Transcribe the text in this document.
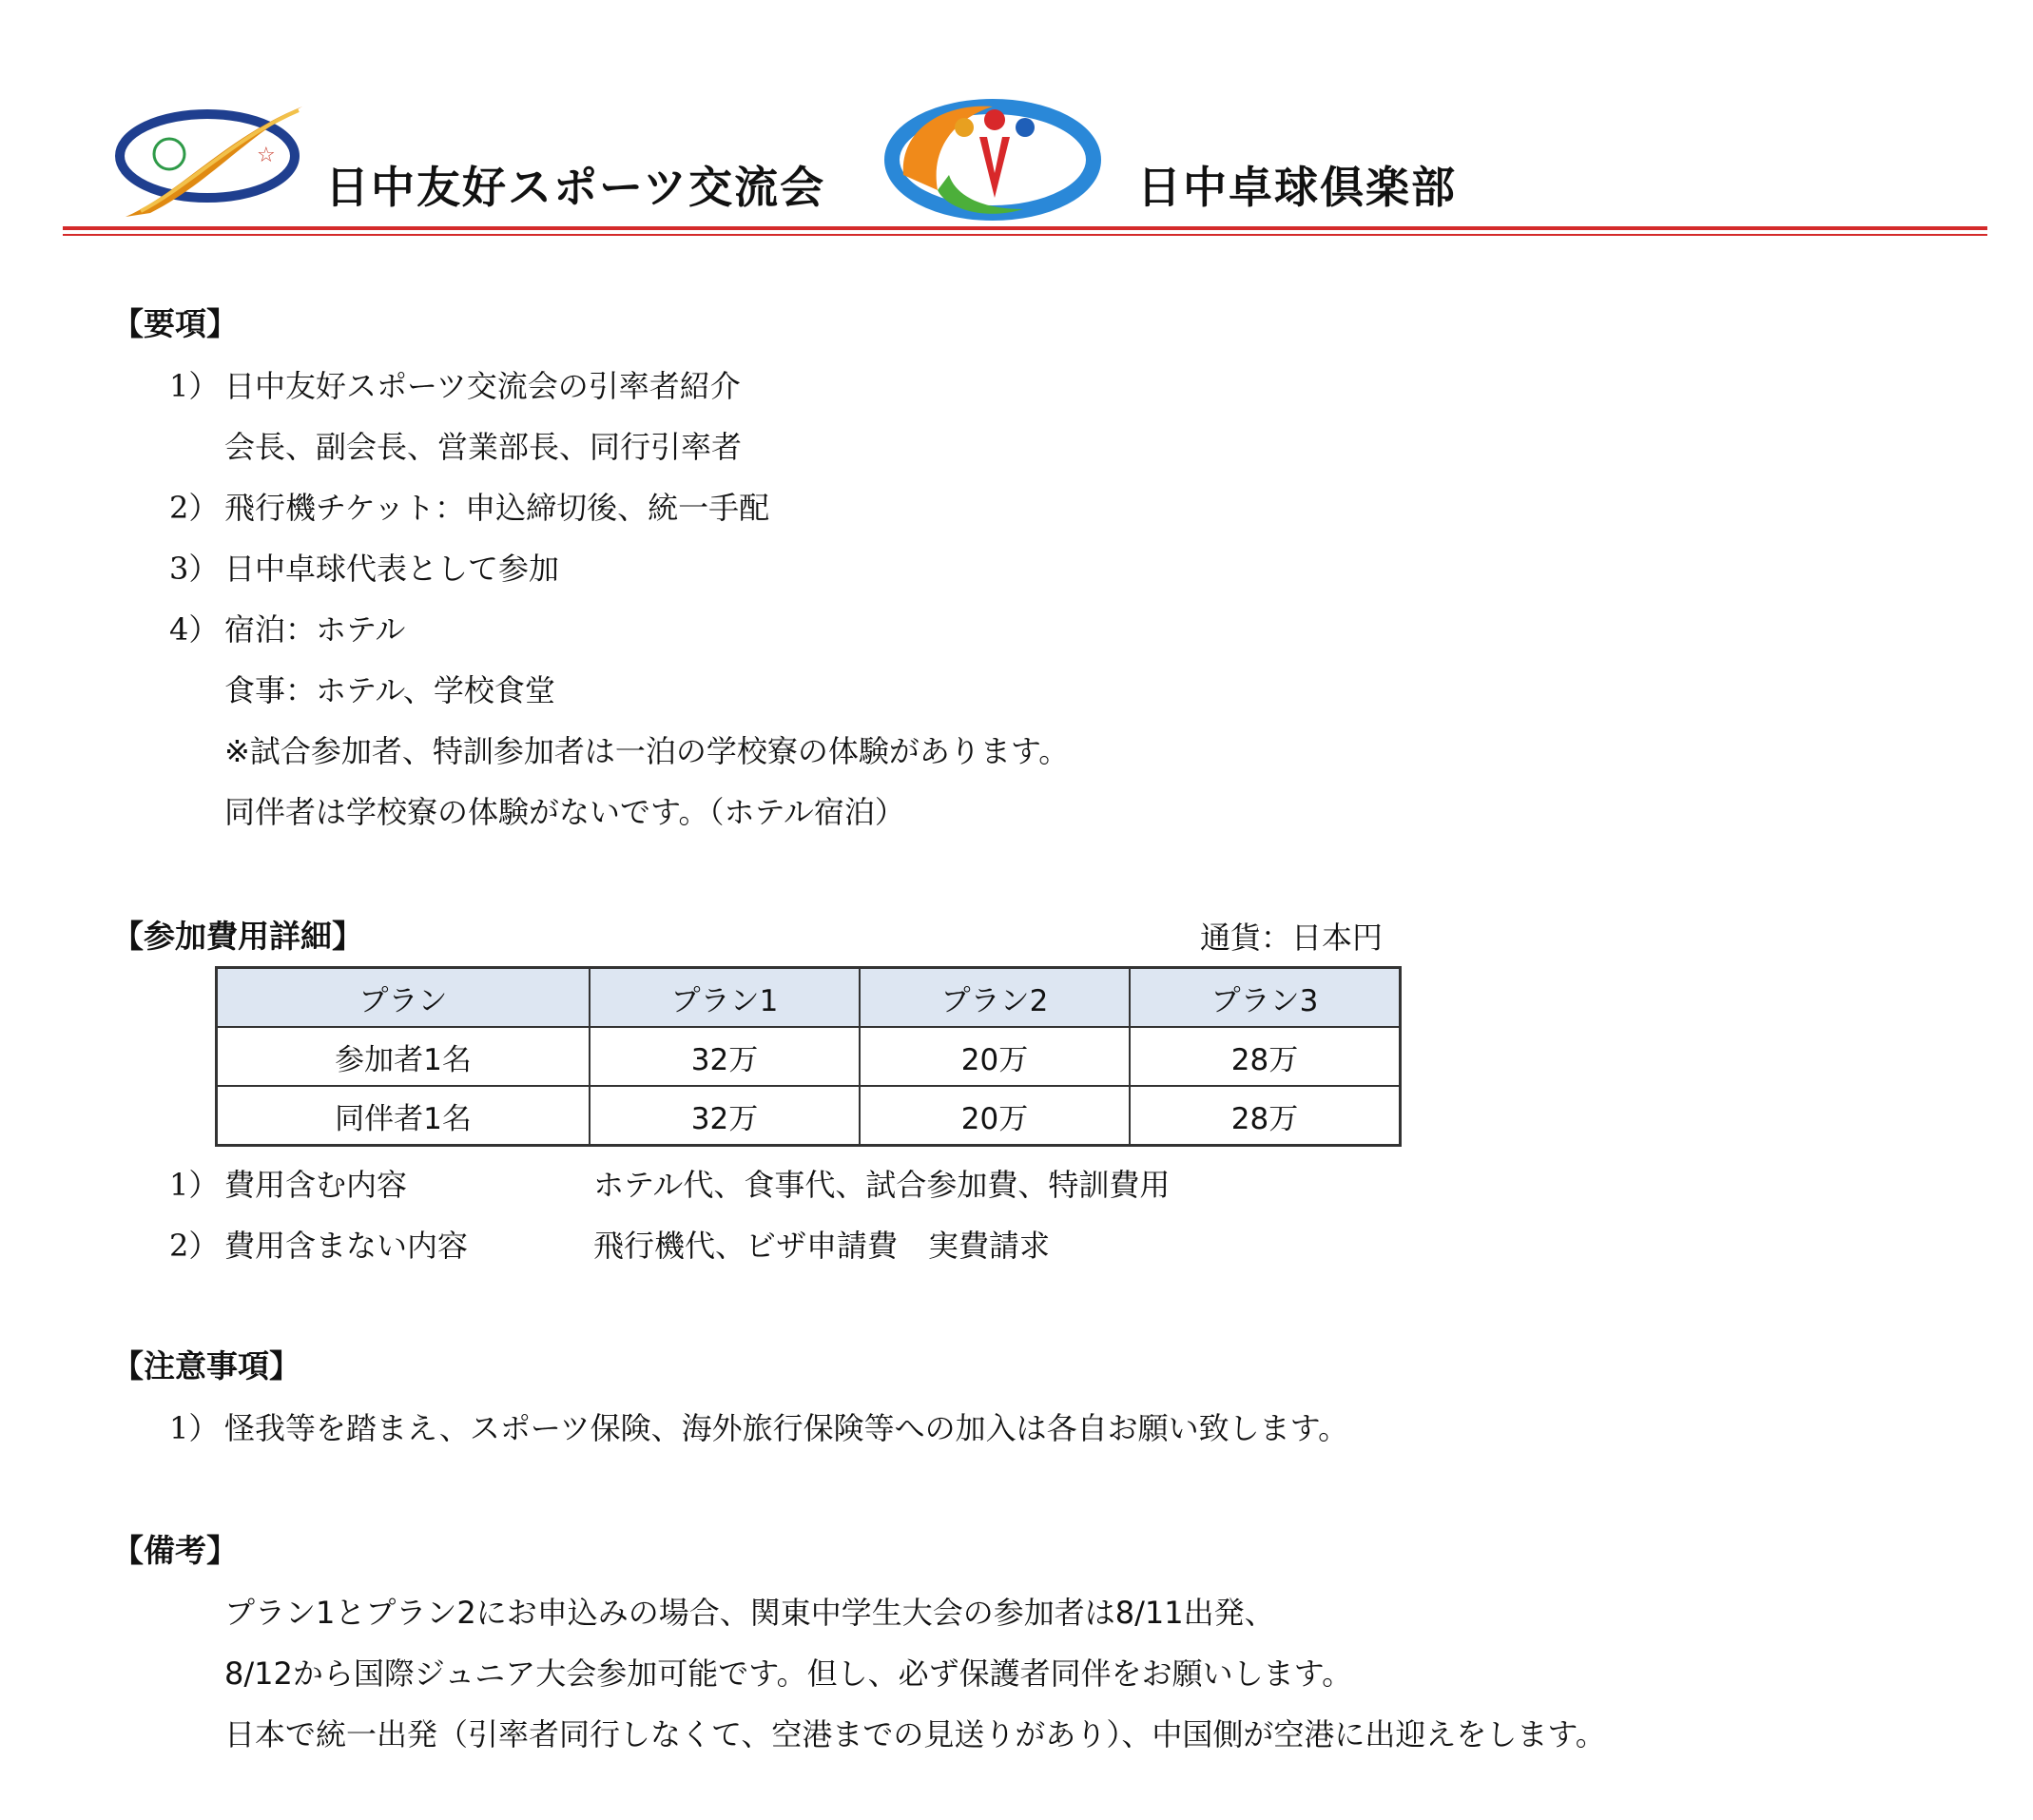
☆
日中友好スポーツ交流会	日中卓球倶楽部
【要項】
1） 日中友好スポーツ交流会の引率者紹介
会長、副会長、営業部長、同行引率者
2） 飛行機チケット：申込締切後、統一手配
3） 日中卓球代表として参加
4） 宿泊：ホテル
食事：ホテル、学校食堂
※試合参加者、特訓参加者は一泊の学校寮の体験があります。
同伴者は学校寮の体験がないです。（ホテル宿泊）
【参加費用詳細】	通貨：日本円
プラン	プラン1	プラン2	プラン3
参加者1名	32万	20万	28万
同伴者1名	32万	20万	28万
1） 費用含む内容	ホテル代、食事代、試合参加費、特訓費用
2） 費用含まない内容	飛行機代、ビザ申請費　実費請求
【注意事項】
1） 怪我等を踏まえ、スポーツ保険、海外旅行保険等への加入は各自お願い致します。
【備考】
プラン1とプラン2にお申込みの場合、関東中学生大会の参加者は8/11出発、
8/12から国際ジュニア大会参加可能です。但し、必ず保護者同伴をお願いします。
日本で統一出発（引率者同行しなくて、空港までの見送りがあり）、中国側が空港に出迎えをします。
